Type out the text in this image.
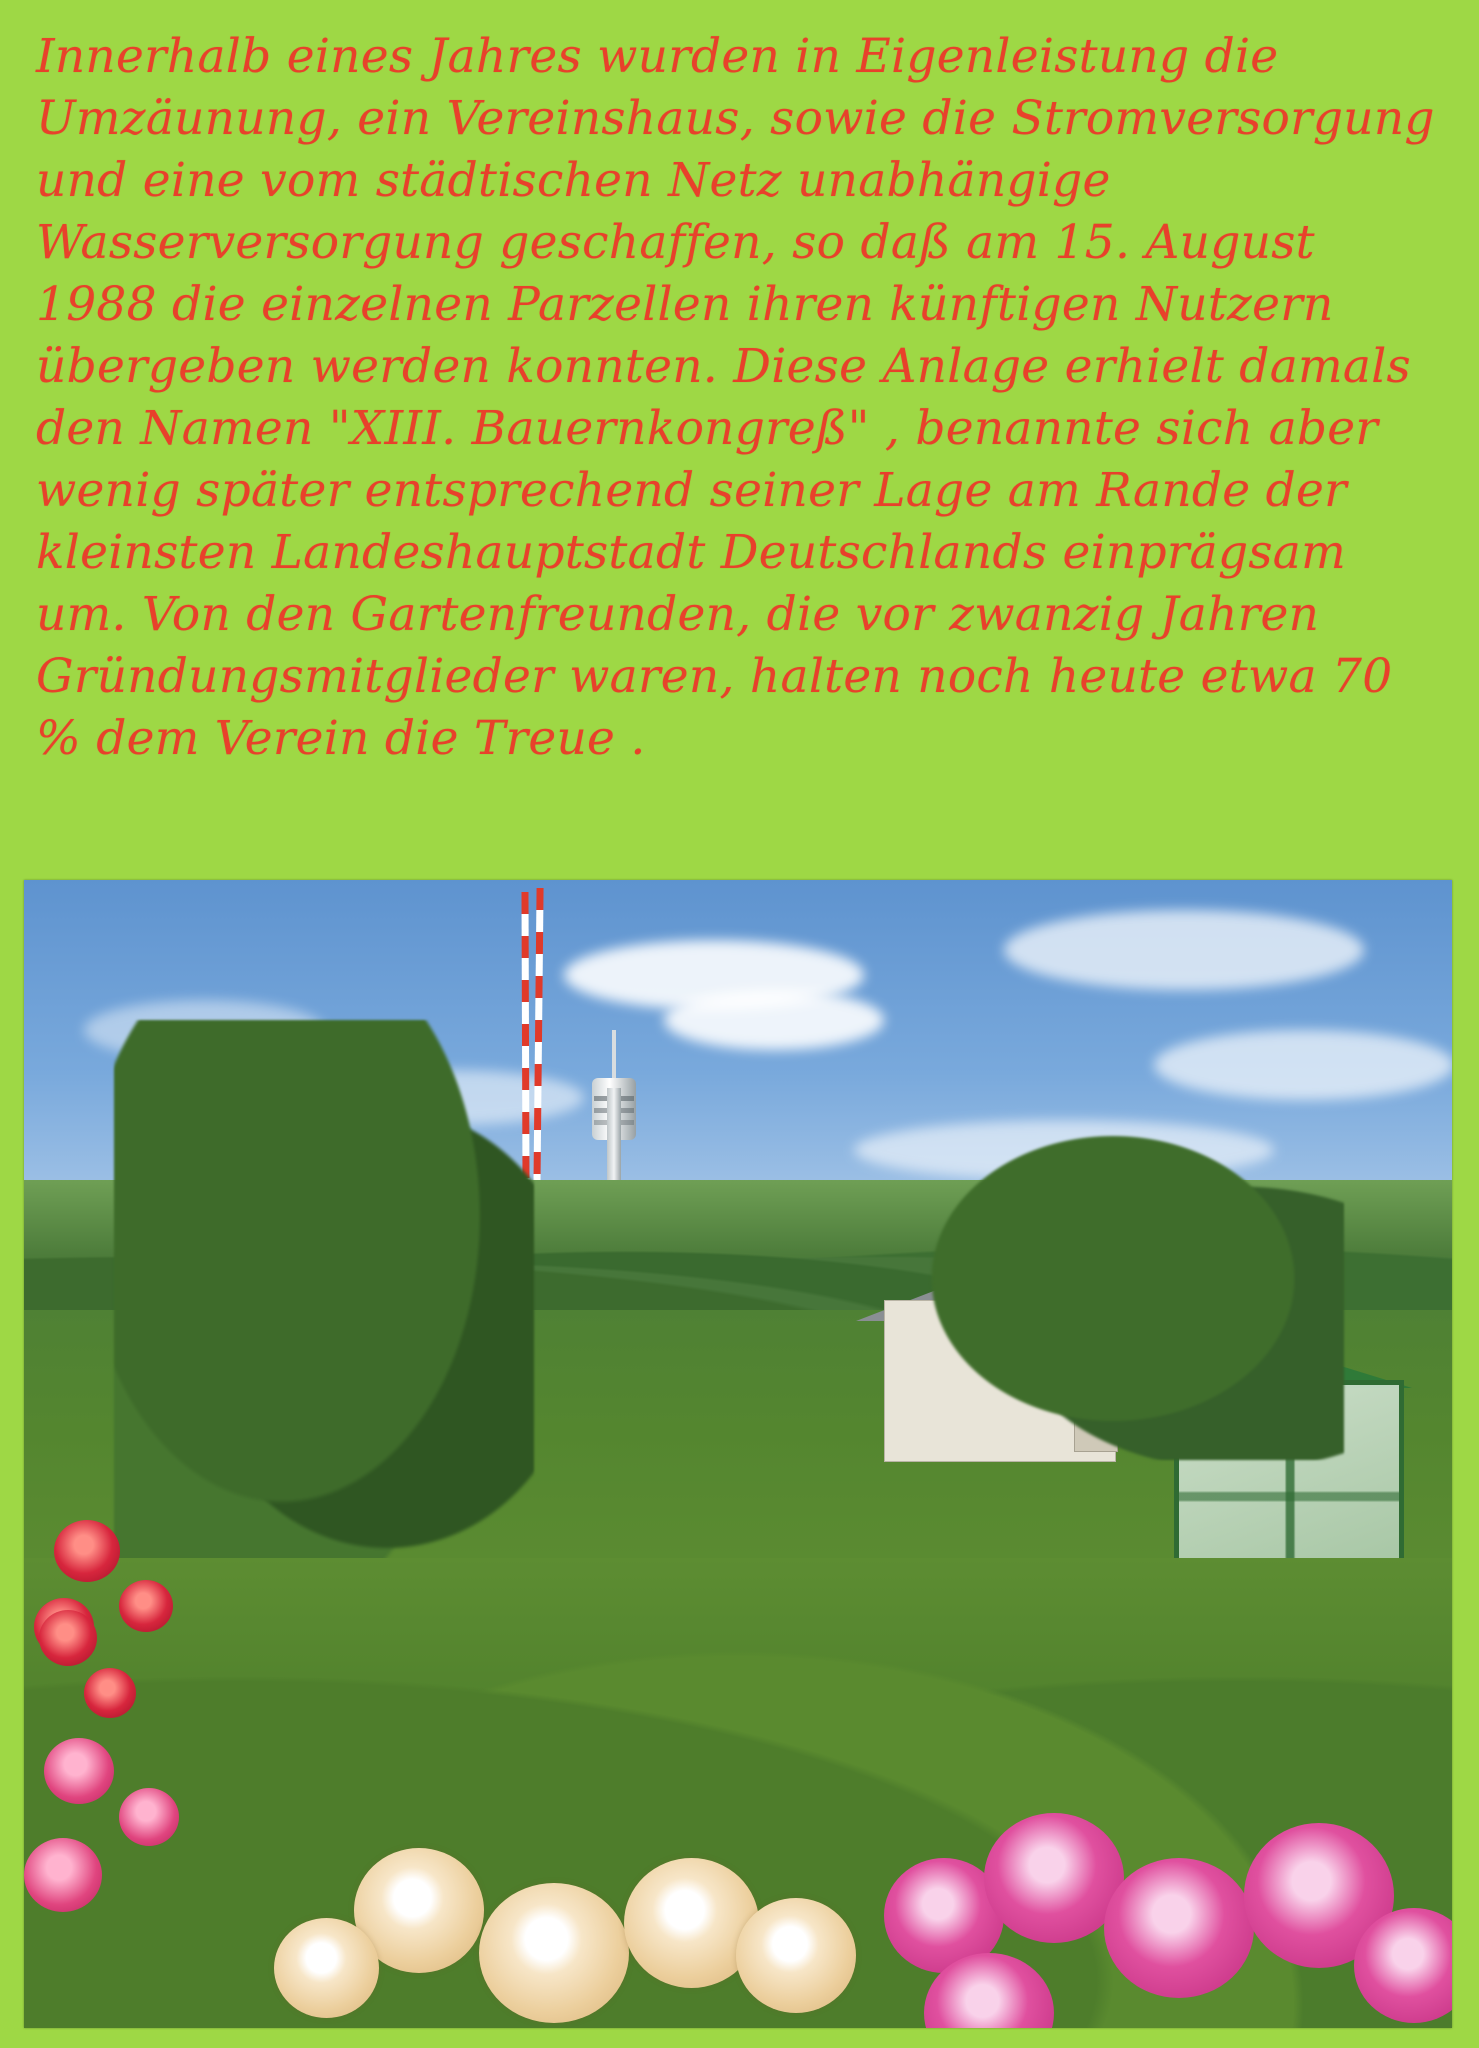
Innerhalb eines Jahres wurden in Eigenleistung die Umzäunung, ein Vereinshaus, sowie die Stromversorgung und eine vom städtischen Netz unabhängige Wasserversorgung geschaffen, so daß am 15. August 1988 die einzelnen Parzellen ihren künftigen Nutzern übergeben werden konnten. Diese Anlage erhielt damals den Namen "XIII. Bauernkongreß" , benannte sich aber wenig später entsprechend seiner Lage am Rande der kleinsten Landeshauptstadt Deutschlands einprägsam um. Von den Gartenfreunden, die vor zwanzig Jahren Gründungsmitglieder waren, halten noch heute etwa 70 % dem Verein die Treue .
